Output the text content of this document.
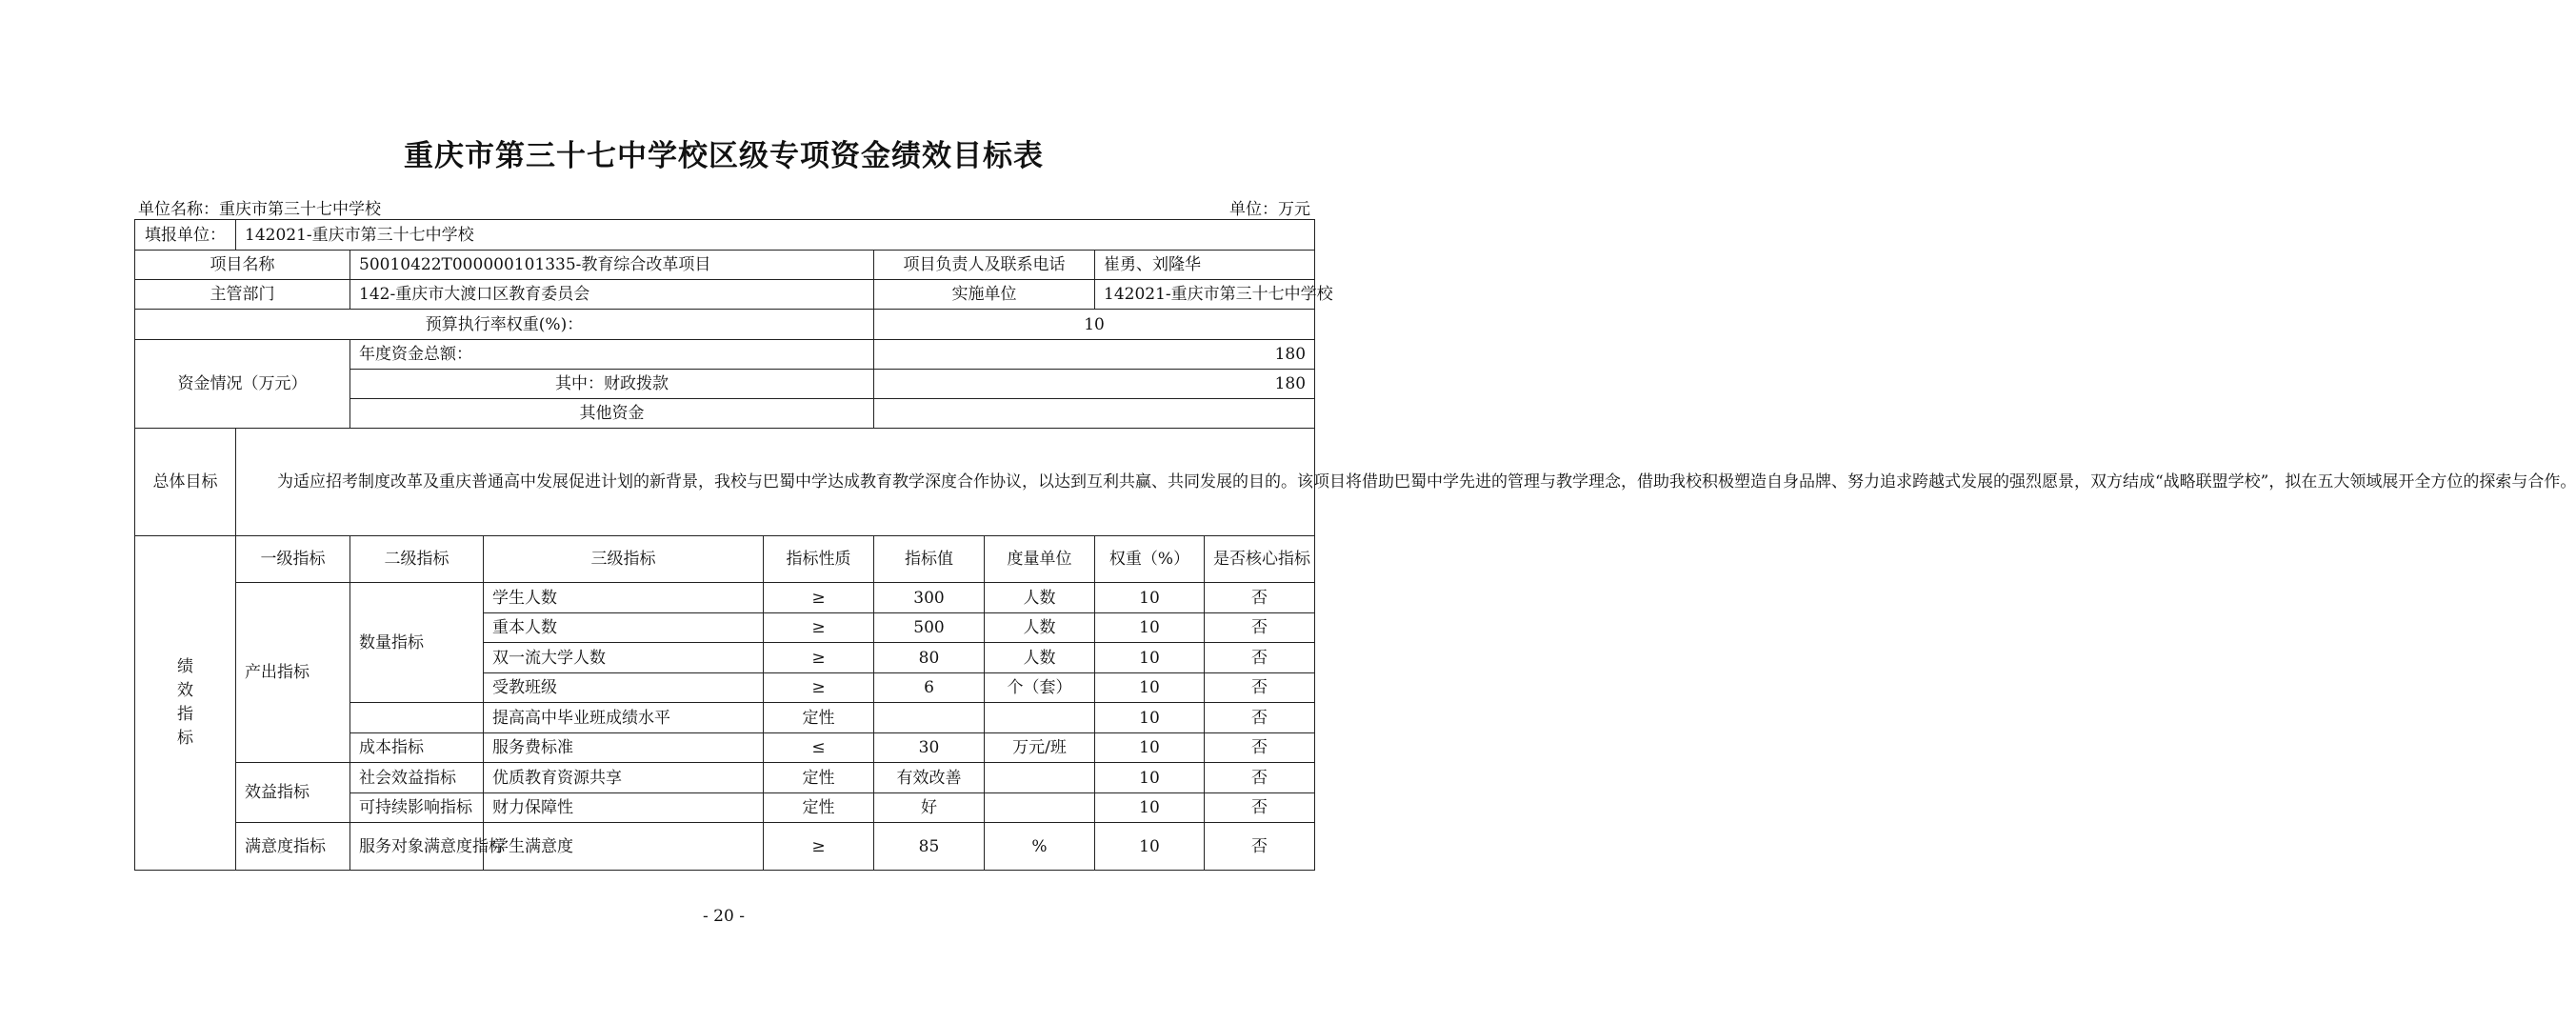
重庆市第三十七中学校区级专项资金绩效目标表
单位名称：重庆市第三十七中学校	单位：万元
填报单位：	142021-重庆市第三十七中学校							
项目名称		50010422T000000101335-教育综合改革项目			项目负责人及联系电话		崔勇、刘隆华	
主管部门		142-重庆市大渡口区教育委员会			实施单位		142021-重庆市第三十七中学校	
预算执行率权重(%)：					10			
资金情况（万元）		年度资金总额：			180			
		其中：财政拨款			180			
		其他资金						
总体目标	为适应招考制度改革及重庆普通高中发展促进计划的新背景，我校与巴蜀中学达成教育教学深度合作协议，以达到互利共赢、共同发展的目的。该项目将借助巴蜀中学先进的管理与教学理念，借助我校积极塑造自身品牌、努力追求跨越式发展的强烈愿景，双方结成“战略联盟学校”，拟在五大领域展开全方位的探索与合作。							

绩效指标	一级指标	二级指标	三级指标	指标性质	指标值	度量单位	权重（%）	是否核心指标
	产出指标	数量指标	学生人数	≥	300	人数	10	否
			重本人数	≥	500	人数	10	否
			双一流大学人数	≥	80	人数	10	否
			受教班级	≥	6	个（套）	10	否
			提高高中毕业班成绩水平	定性			10	否
		成本指标	服务费标准	≤	30	万元/班	10	否
	效益指标	社会效益指标	优质教育资源共享	定性	有效改善		10	否
		可持续影响指标	财力保障性	定性	好		10	否
	满意度指标	服务对象满意度指标	学生满意度	≥	85	%	10	否
- 20 -
